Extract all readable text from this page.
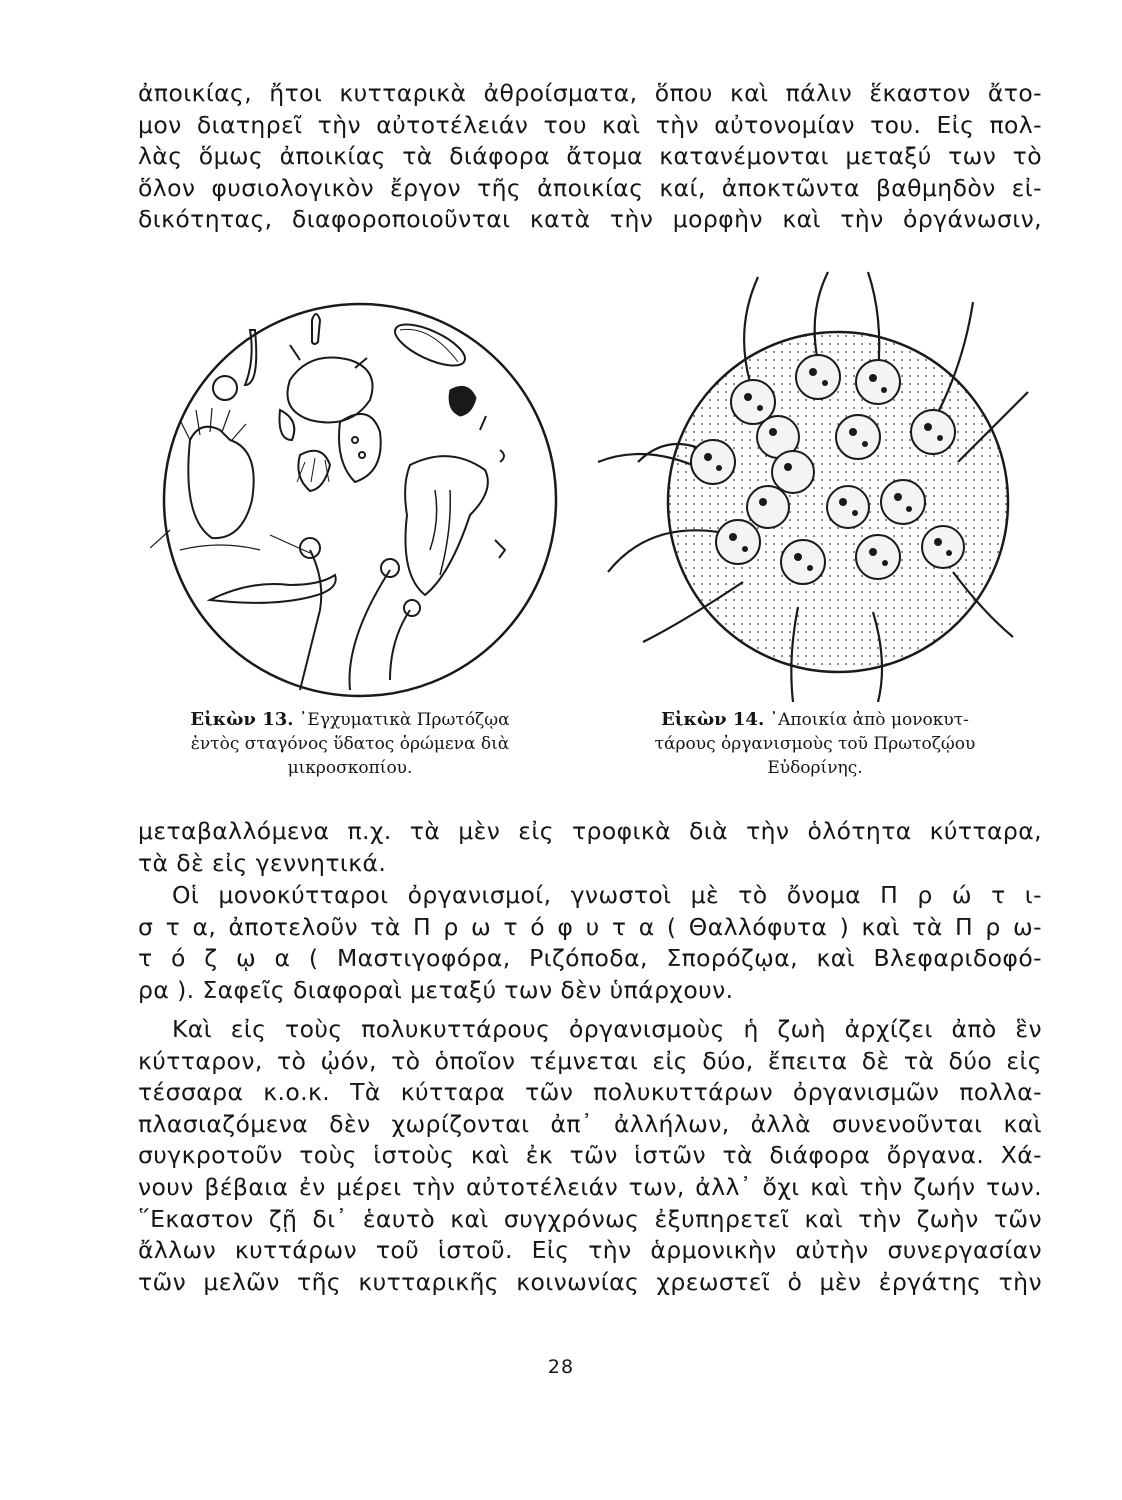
ἀποικίας, ἤτοι κυτταρικὰ ἀθροίσματα, ὅπου καὶ πάλιν ἕκαστον ἄτο-
μον διατηρεῖ τὴν αὐτοτέλειάν του καὶ τὴν αὐτονομίαν του. Εἰς πολ-
λὰς ὅμως ἀποικίας τὰ διάφορα ἄτομα κατανέμονται μεταξύ των τὸ
ὅλον φυσιολογικὸν ἔργον τῆς ἀποικίας καί, ἀποκτῶντα βαθμηδὸν εἰ-
δικότητας, διαφοροποιοῦνται κατὰ τὴν μορφὴν καὶ τὴν ὀργάνωσιν,

Εἰκὼν 13. ᾿Εγχυματικὰ Πρωτόζῳα
ἐντὸς σταγόνος ὕδατος ὁρώμενα διὰ
μικροσκοπίου.
Εἰκὼν 14. ᾿Αποικία ἀπὸ μονοκυτ-
τάρους ὀργανισμοὺς τοῦ Πρωτοζῴου
Εὐδορίνης.

μεταβαλλόμενα π.χ. τὰ μὲν εἰς τροφικὰ διὰ τὴν ὁλότητα κύτταρα,
τὰ δὲ εἰς γεννητικά.

Οἱ μονοκύτταροι ὀργανισμοί, γνωστοὶ μὲ τὸ ὄνομα Π ρ ώ τ ι-
σ τ α, ἀποτελοῦν τὰ Π ρ ω τ ό φ υ τ α ( Θαλλόφυτα ) καὶ τὰ Π ρ ω-
τ ό ζ ῳ α ( Μαστιγοφόρα, Ριζόποδα, Σπορόζῳα, καὶ Βλεφαριδοφό-
ρα ). Σαφεῖς διαφοραὶ μεταξύ των δὲν ὑπάρχουν.

Καὶ εἰς τοὺς πολυκυττάρους ὀργανισμοὺς ἡ ζωὴ ἀρχίζει ἀπὸ ἓν
κύτταρον, τὸ ᾠόν, τὸ ὁποῖον τέμνεται εἰς δύο, ἔπειτα δὲ τὰ δύο εἰς
τέσσαρα κ.ο.κ. Τὰ κύτταρα τῶν πολυκυττάρων ὀργανισμῶν πολλα-
πλασιαζόμενα δὲν χωρίζονται ἀπ᾿ ἀλλήλων, ἀλλὰ συνενοῦνται καὶ
συγκροτοῦν τοὺς ἱστοὺς καὶ ἐκ τῶν ἱστῶν τὰ διάφορα ὄργανα. Χά-
νουν βέβαια ἐν μέρει τὴν αὐτοτέλειάν των, ἀλλ᾿ ὄχι καὶ τὴν ζωήν των.
῞Εκαστον ζῇ δι᾿ ἑαυτὸ καὶ συγχρόνως ἐξυπηρετεῖ καὶ τὴν ζωὴν τῶν
ἄλλων κυττάρων τοῦ ἱστοῦ. Εἰς τὴν ἁρμονικὴν αὐτὴν συνεργασίαν
τῶν μελῶν τῆς κυτταρικῆς κοινωνίας χρεωστεῖ ὁ μὲν ἐργάτης τὴν

28
